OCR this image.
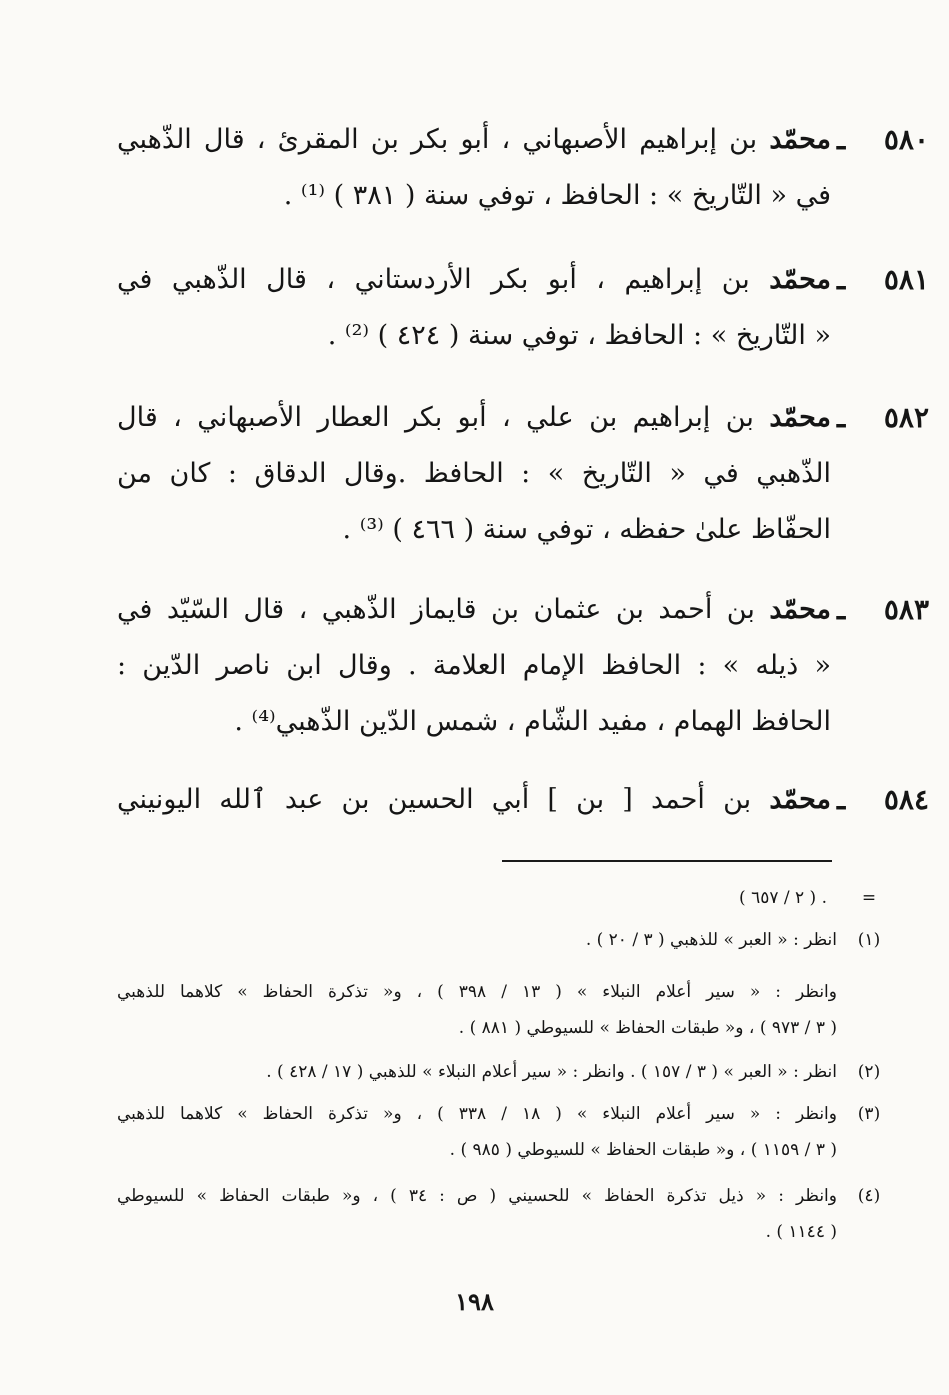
٥٨٠ ـ
محمّد بن إبراهيم الأصبهاني ، أبو بكر بن المقرئ ، قال الذّهبي
في « التّاريخ » : الحافظ ، توفي سنة ( ٣٨١ ) ⁽¹⁾ .
٥٨١ ـ
محمّد بن إبراهيم ، أبو بكر الأردستاني ، قال الذّهبي في
« التّاريخ » : الحافظ ، توفي سنة ( ٤٢٤ ) ⁽²⁾ .
٥٨٢ ـ
محمّد بن إبراهيم بن علي ، أبو بكر العطار الأصبهاني ، قال
الذّهبي في « التّاريخ » : الحافظ .وقال الدقاق : كان من
الحفّاظ علىٰ حفظه ، توفي سنة ( ٤٦٦ ) ⁽³⁾ .
٥٨٣ ـ
محمّد بن أحمد بن عثمان بن قايماز الذّهبي ، قال السّيّد في
« ذيله » : الحافظ الإمام العلامة . وقال ابن ناصر الدّين :
الحافظ الهمام ، مفيد الشّام ، شمس الدّين الذّهبي⁽⁴⁾ .
٥٨٤ ـ
محمّد بن أحمد [ بن ] أبي الحسين بن عبد ٱلله اليونيني
=
. ( ٢ / ٦٥٧ )
(١)
انظر : « العبر » للذهبي ( ٣ / ٢٠ ) .
وانظر : « سير أعلام النبلاء » ( ١٣ / ٣٩٨ ) ، و« تذكرة الحفاظ » كلاهما للذهبي
( ٣ / ٩٧٣ ) ، و« طبقات الحفاظ » للسيوطي ( ٨٨١ ) .
(٢)
انظر : « العبر » ( ٣ / ١٥٧ ) . وانظر : « سير أعلام النبلاء » للذهبي ( ١٧ / ٤٢٨ ) .
(٣)
وانظر : « سير أعلام النبلاء » ( ١٨ / ٣٣٨ ) ، و« تذكرة الحفاظ » كلاهما للذهبي
( ٣ / ١١٥٩ ) ، و« طبقات الحفاظ » للسيوطي ( ٩٨٥ ) .
(٤)
وانظر : « ذيل تذكرة الحفاظ » للحسيني ( ص : ٣٤ ) ، و« طبقات الحفاظ » للسيوطي
( ١١٤٤ ) .
١٩٨
